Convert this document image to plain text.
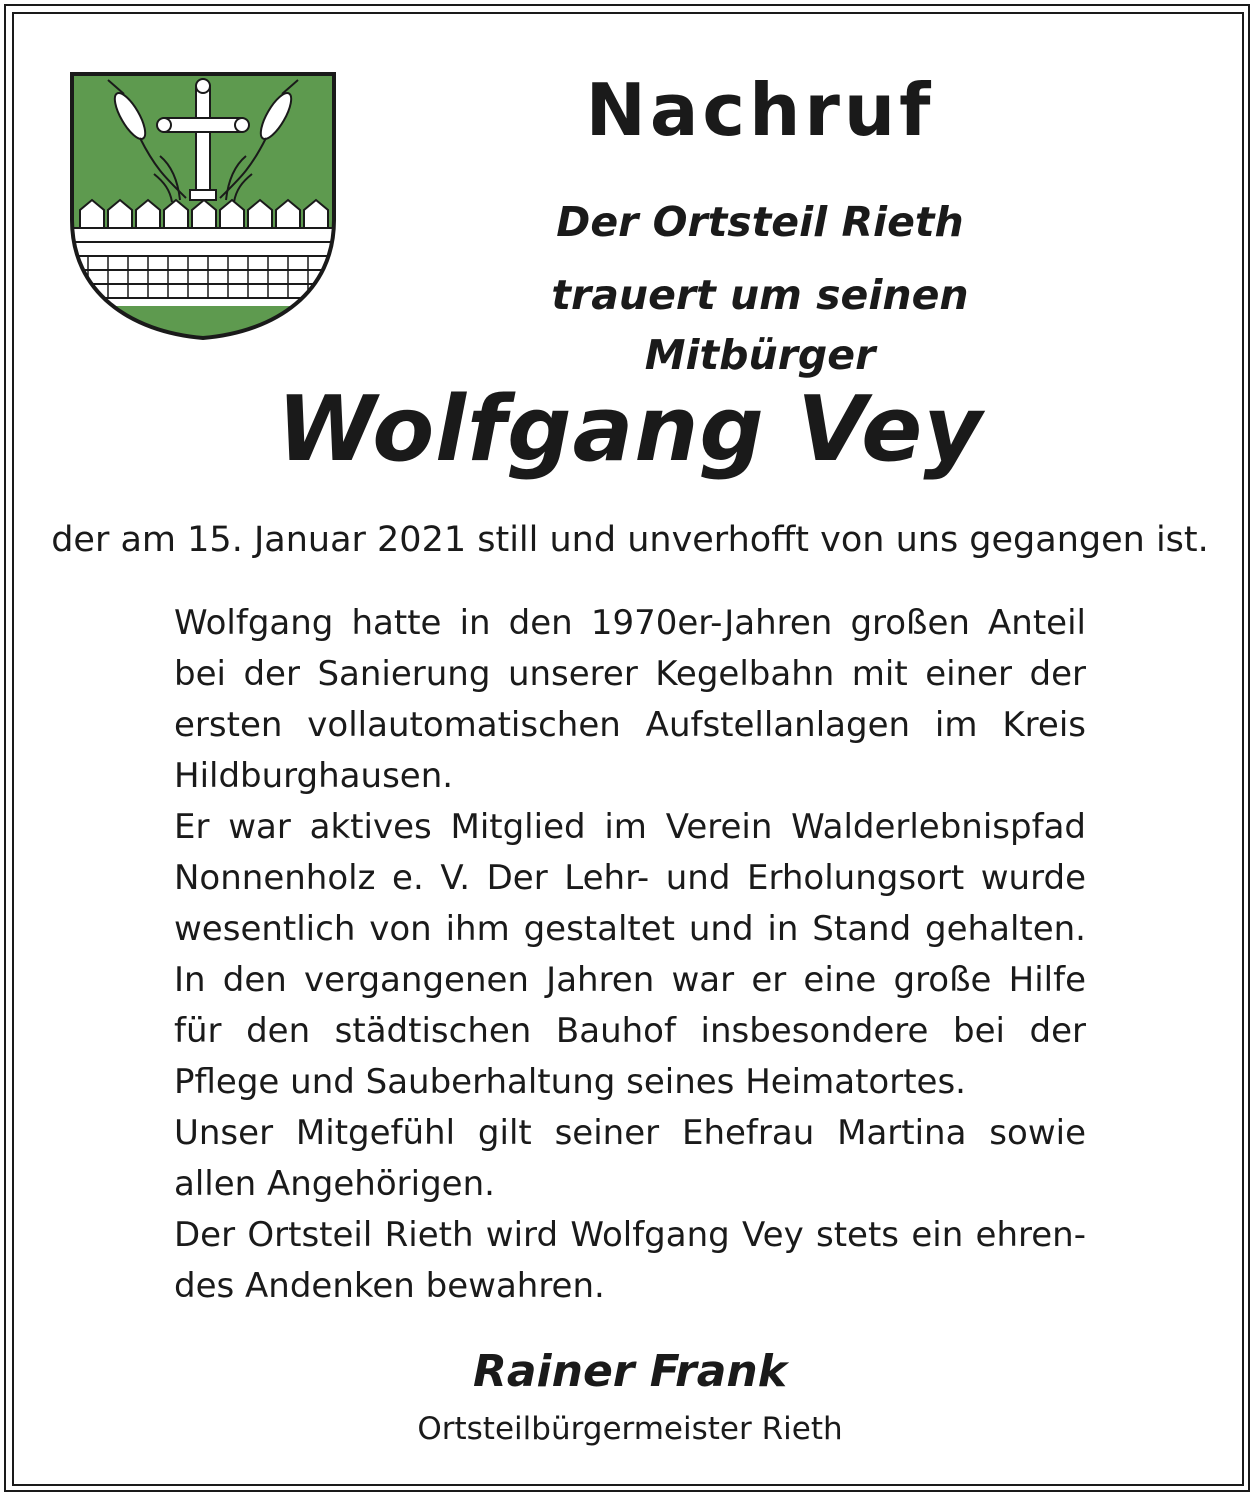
Nachruf
Der Ortsteil Rieth
trauert um seinen Mitbürger
Wolfgang Vey
der am 15. Januar 2021 still und unverhofft von uns gegangen ist.
Wolfgang hatte in den 1970er-Jahren großen Anteil
bei der Sanierung unserer Kegelbahn mit einer der
ersten vollautomatischen Aufstellanlagen im Kreis
Hildburghausen.
Er war aktives Mitglied im Verein Walderlebnispfad
Nonnenholz e. V. Der Lehr- und Erholungsort wurde
wesentlich von ihm gestaltet und in Stand gehalten.
In den vergangenen Jahren war er eine große Hilfe
für den städtischen Bauhof insbesondere bei der
Pflege und Sauberhaltung seines Heimatortes.
Unser Mitgefühl gilt seiner Ehefrau Martina sowie
allen Angehörigen.
Der Ortsteil Rieth wird Wolfgang Vey stets ein ehren-
des Andenken bewahren.
Rainer Frank
Ortsteilbürgermeister Rieth
